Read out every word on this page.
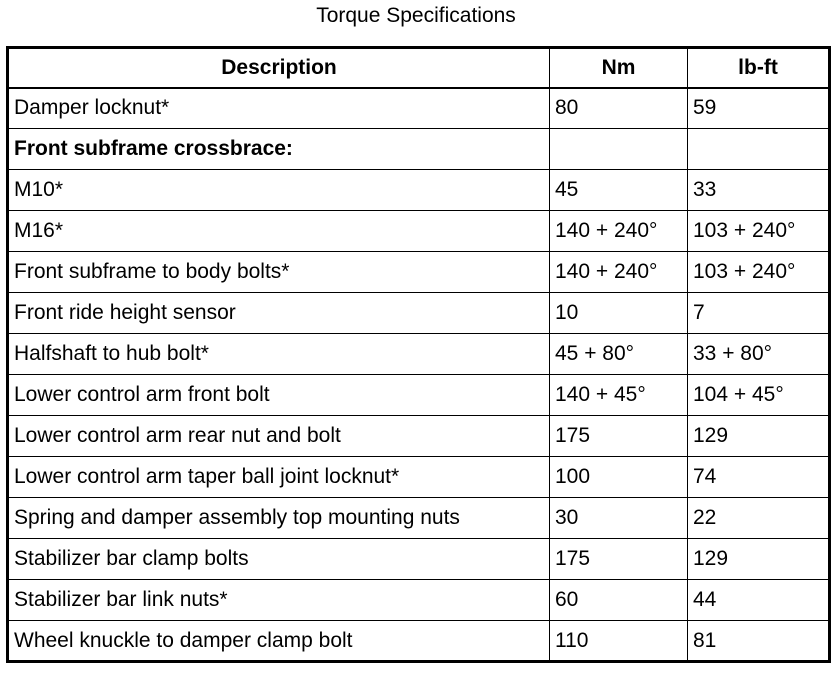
Torque Specifications
Description	Nm	lb-ft
Damper locknut*	80	59
Front subframe crossbrace:		
M10*	45	33
M16*	140 + 240°	103 + 240°
Front subframe to body bolts*	140 + 240°	103 + 240°
Front ride height sensor	10	7
Halfshaft to hub bolt*	45 + 80°	33 + 80°
Lower control arm front bolt	140 + 45°	104 + 45°
Lower control arm rear nut and bolt	175	129
Lower control arm taper ball joint locknut*	100	74
Spring and damper assembly top mounting nuts	30	22
Stabilizer bar clamp bolts	175	129
Stabilizer bar link nuts*	60	44
Wheel knuckle to damper clamp bolt	110	81
